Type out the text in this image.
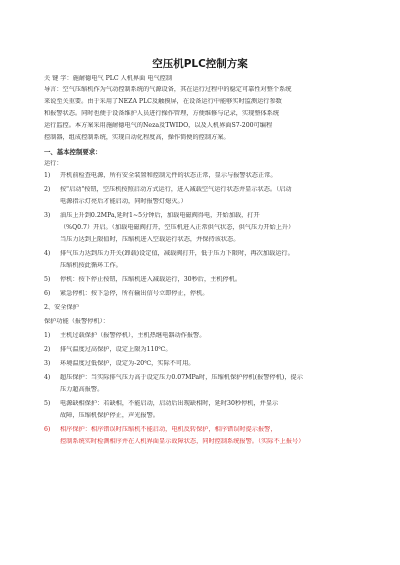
空压机PLC控制方案
关 键 字：施耐德电气 PLC 人机界面 电气控制
导言：空气压缩机作为气动控制系统的气源设备，其在运行过程中的稳定可靠性对整个系统
来说至关重要。由于采用了NEZA PLC及触摸屏，在设备运行中能够实时监测运行参数
和报警状态。同时也便于设备维护人员进行操作管理，方便维修与记录，实现整体系统
运行监控。本方案采用施耐德电气的Neza及TWIDO，以及人机界面S7-200可编程
控制器，组成控制系统，实现自动化程度高，操作简便的控制方案。
一、基本控制要求：
运行：
1) 开机前检查电源，所有安全装置和控制元件的状态正常，显示与报警状态正常。
2) 按"启动"按钮，空压机按照启动方式运行，进入减载空气运行状态并显示状态。（启动
电源指示灯亮后才能启动，同时报警灯熄灭。）
3) 油压上升到0.2MPa,延时1~5分钟后，加载电磁阀得电，开始加载，打开
（%Q0.7）开启。（加载电磁阀打开，空压机进入正常供气状态，供气压力开始上升）
当压力达到上限值时，压缩机进入空载运行状态，并保持该状态。
4) 排气压力达到压力开关(卸载)设定值，减载阀打开，低于压力下限时，再次加载运行。
压缩机按此循环工作。
5) 停机：按下停止按钮，压缩机进入减载运行，30秒后，主机停机。
6) 紧急停机：按下急停，所有输出信号立即停止，停机。
2、安全保护
保护功能（报警停机）：
1) 主机过载保护（报警停机），主机热继电器动作报警。
2) 排气温度过高保护，设定上限为110℃。
3) 环境温度过低保护，设定为-20℃，实际不可用。
4) 超压保护：当实际排气压力高于设定压力0.07MPa时，压缩机保护停机(报警停机)，提示
压力超高报警。
5) 电源缺相保护：若缺相，不能启动，启动后出现缺相时，延时30秒停机，并显示
故障，压缩机保护停止，声光报警。
6) 相序保护：相序错误时压缩机不能启动，电机反转保护，相序错误时提示报警，
控制系统实时检测相序并在人机界面显示故障状态，同时控制系统报警。（实际不上报号）
